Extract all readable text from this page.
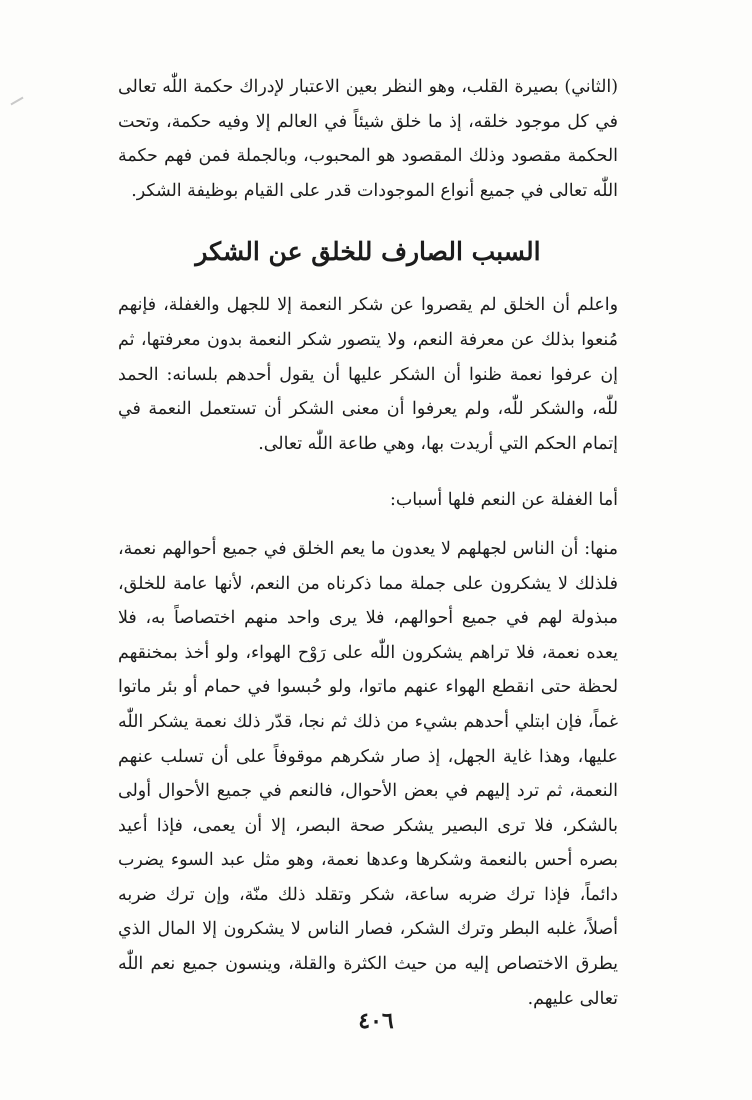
(الثاني) بصيرة القلب، وهو النظر بعين الاعتبار لإدراك حكمة اللّٰه تعالى في كل موجود خلقه، إذ ما خلق شيئاً في العالم إلا وفيه حكمة، وتحت الحكمة مقصود وذلك المقصود هو المحبوب، وبالجملة فمن فهم حكمة اللّٰه تعالى في جميع أنواع الموجودات قدر على القيام بوظيفة الشكر.

السبب الصارف للخلق عن الشكر

واعلم أن الخلق لم يقصروا عن شكر النعمة إلا للجهل والغفلة، فإنهم مُنعوا بذلك عن معرفة النعم، ولا يتصور شكر النعمة بدون معرفتها، ثم إن عرفوا نعمة ظنوا أن الشكر عليها أن يقول أحدهم بلسانه: الحمد للّٰه، والشكر للّٰه، ولم يعرفوا أن معنى الشكر أن تستعمل النعمة في إتمام الحكم التي أريدت بها، وهي طاعة اللّٰه تعالى.

أما الغفلة عن النعم فلها أسباب:

منها: أن الناس لجهلهم لا يعدون ما يعم الخلق في جميع أحوالهم نعمة، فلذلك لا يشكرون على جملة مما ذكرناه من النعم، لأنها عامة للخلق، مبذولة لهم في جميع أحوالهم، فلا يرى واحد منهم اختصاصاً به، فلا يعده نعمة، فلا تراهم يشكرون اللّٰه على رَوْح الهواء، ولو أخذ بمخنقهم لحظة حتى انقطع الهواء عنهم ماتوا، ولو حُبسوا في حمام أو بئر ماتوا غماً، فإن ابتلي أحدهم بشيء من ذلك ثم نجا، قدّر ذلك نعمة يشكر اللّٰه عليها، وهذا غاية الجهل، إذ صار شكرهم موقوفاً على أن تسلب عنهم النعمة، ثم ترد إليهم في بعض الأحوال، فالنعم في جميع الأحوال أولى بالشكر، فلا ترى البصير يشكر صحة البصر، إلا أن يعمى، فإذا أعيد بصره أحس بالنعمة وشكرها وعدها نعمة، وهو مثل عبد السوء يضرب دائماً، فإذا ترك ضربه ساعة، شكر وتقلد ذلك منّة، وإن ترك ضربه أصلاً، غلبه البطر وترك الشكر، فصار الناس لا يشكرون إلا المال الذي يطرق الاختصاص إليه من حيث الكثرة والقلة، وينسون جميع نعم اللّٰه تعالى عليهم.

٤٠٦
